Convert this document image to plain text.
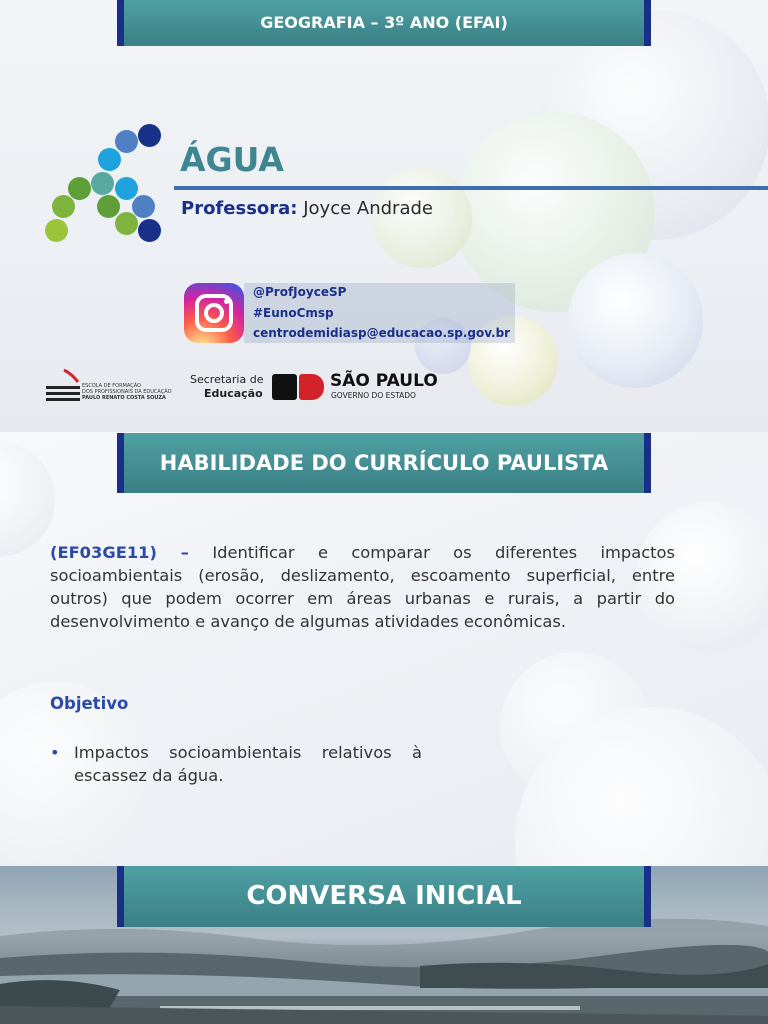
GEOGRAFIA – 3º ANO (EFAI)
ÁGUA
Professora: Joyce Andrade
@ProfJoyceSP
#EunoCmsp
centrodemidiasp@educacao.sp.gov.br
ESCOLA DE FORMAÇÃO
DOS PROFISSIONAIS DA EDUCAÇÃO
PAULO RENATO COSTA SOUZA
Secretaria de
Educação
SÃO PAULO
GOVERNO DO ESTADO
HABILIDADE DO CURRÍCULO PAULISTA
(EF03GE11) – Identificar e comparar os diferentes impactos socioambientais (erosão, deslizamento, escoamento superficial, entre outros) que podem ocorrer em áreas urbanas e rurais, a partir do desenvolvimento e avanço de algumas atividades econômicas.
Objetivo
• Impactos socioambientais relativos à escassez da água.
CONVERSA INICIAL
